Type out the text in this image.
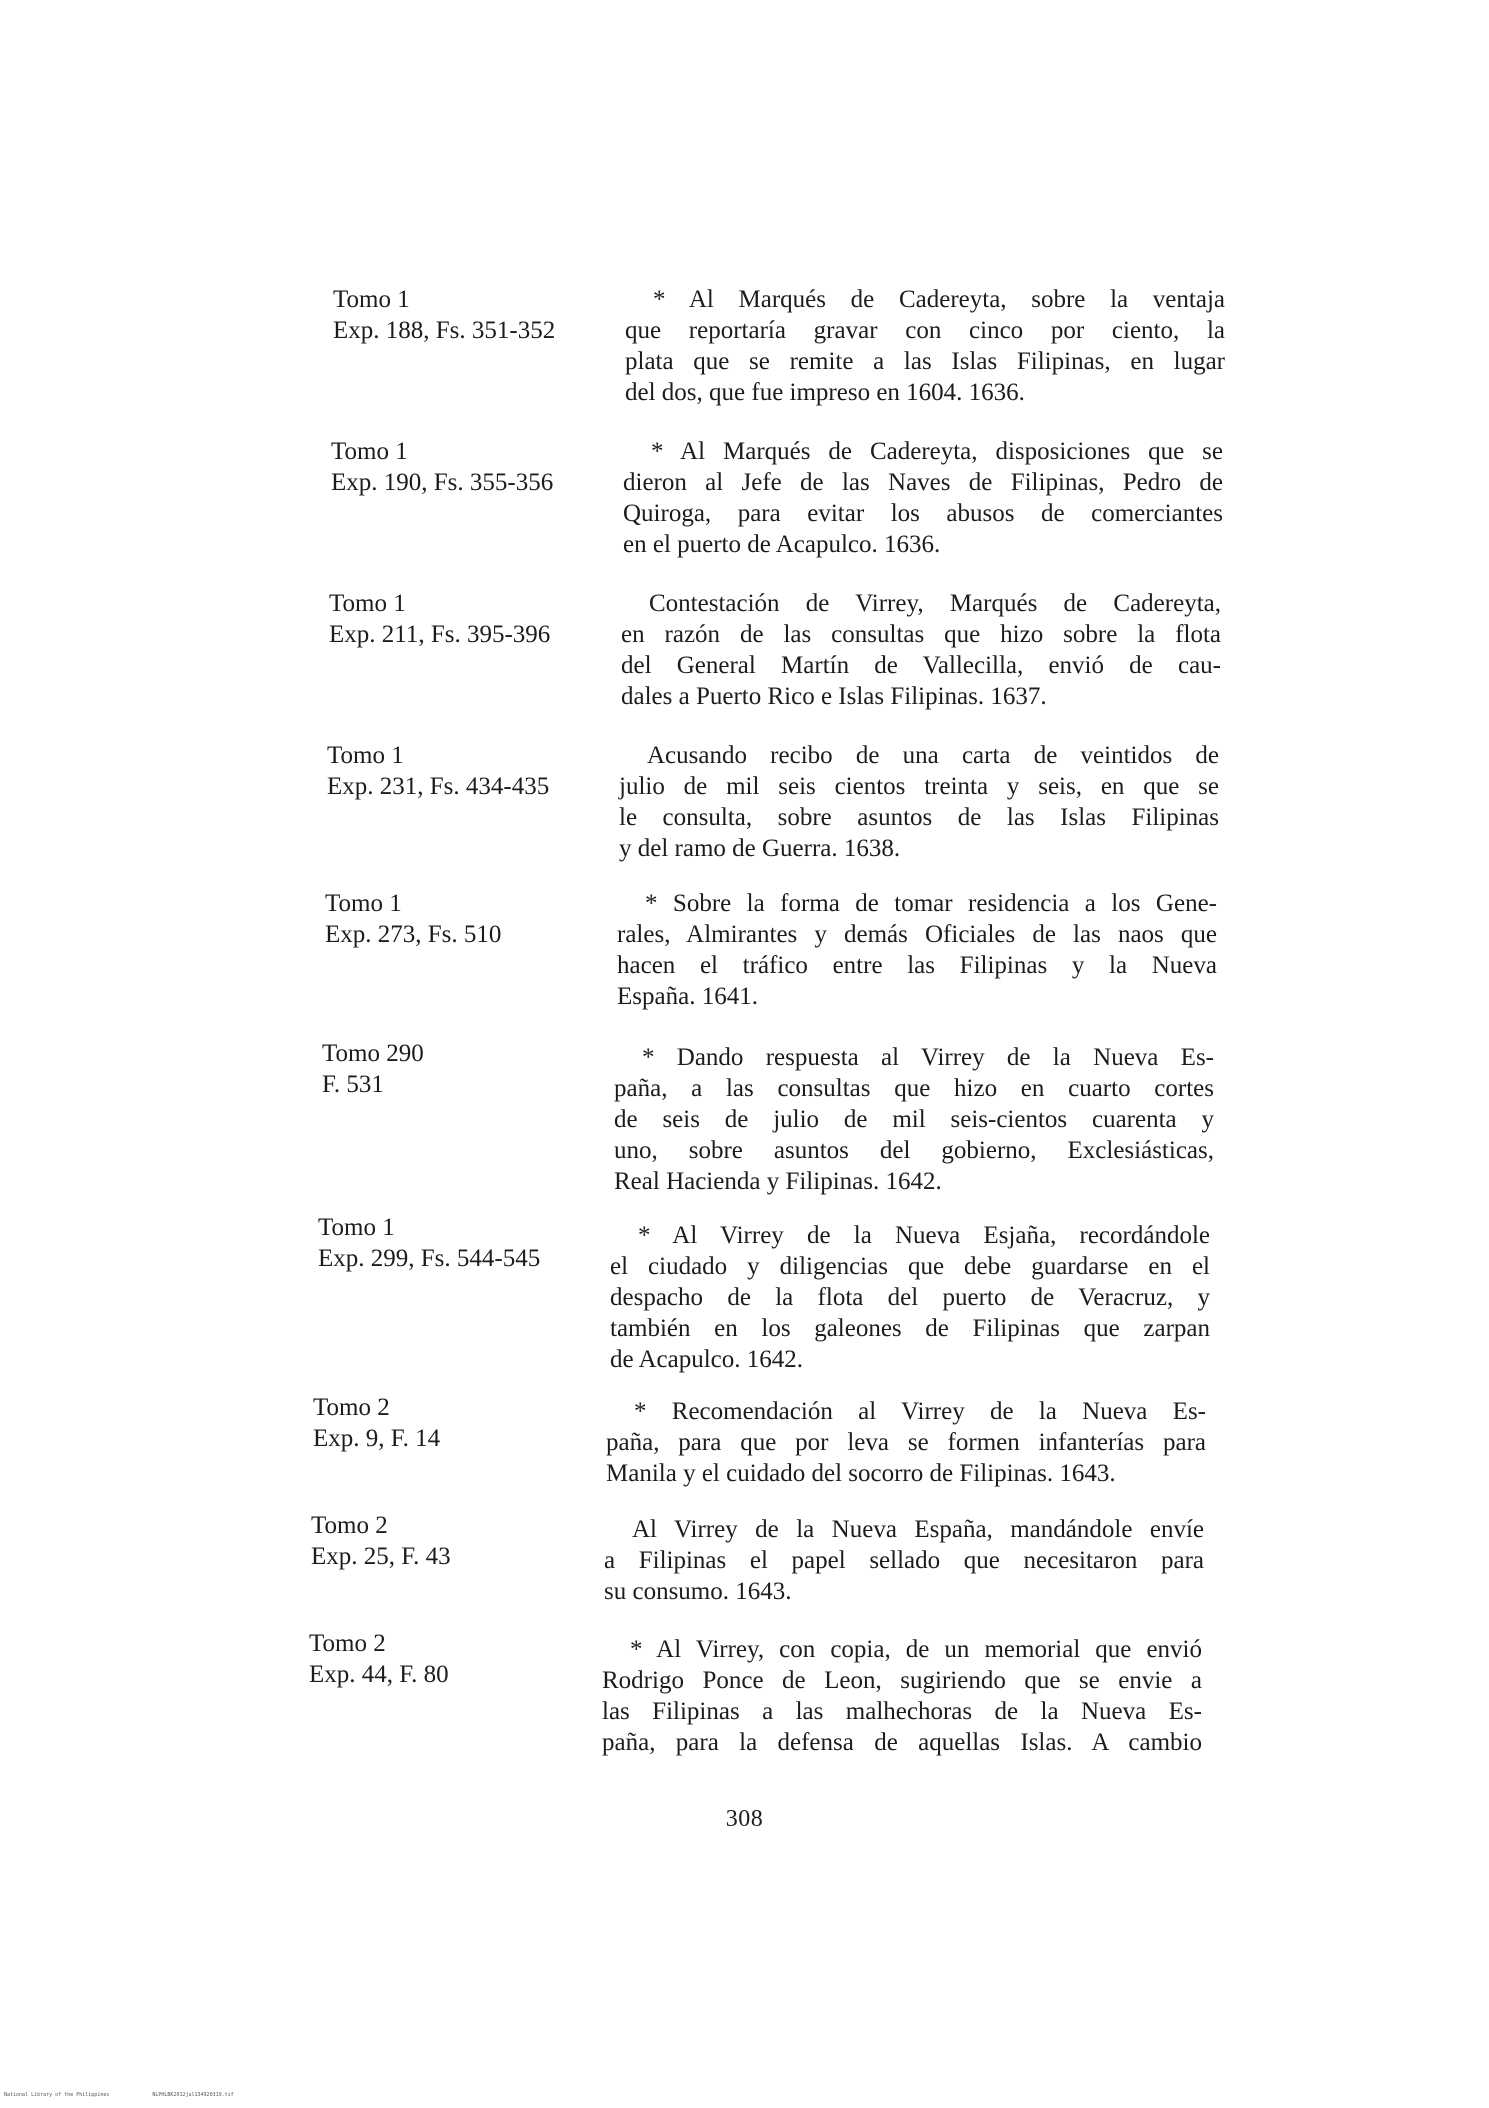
Tomo 1
Exp. 188, Fs. 351-352
* Al Marqués de Cadereyta, sobre la ventaja
que reportaría gravar con cinco por ciento, la
plata que se remite a las Islas Filipinas, en lugar
del dos, que fue impreso en 1604. 1636.
Tomo 1
Exp. 190, Fs. 355-356
* Al Marqués de Cadereyta, disposiciones que se
dieron al Jefe de las Naves de Filipinas, Pedro de
Quiroga, para evitar los abusos de comerciantes
en el puerto de Acapulco. 1636.
Tomo 1
Exp. 211, Fs. 395-396
Contestación de Virrey, Marqués de Cadereyta,
en razón de las consultas que hizo sobre la flota
del General Martín de Vallecilla, envió de cau-
dales a Puerto Rico e Islas Filipinas. 1637.
Tomo 1
Exp. 231, Fs. 434-435
Acusando recibo de una carta de veintidos de
julio de mil seis cientos treinta y seis, en que se
le consulta, sobre asuntos de las Islas Filipinas
y del ramo de Guerra. 1638.
Tomo 1
Exp. 273, Fs. 510
* Sobre la forma de tomar residencia a los Gene-
rales, Almirantes y demás Oficiales de las naos que
hacen el tráfico entre las Filipinas y la Nueva
España. 1641.
Tomo 290
F. 531
* Dando respuesta al Virrey de la Nueva Es-
paña, a las consultas que hizo en cuarto cortes
de seis de julio de mil seis-cientos cuarenta y
uno, sobre asuntos del gobierno, Exclesiásticas,
Real Hacienda y Filipinas. 1642.
Tomo 1
Exp. 299, Fs. 544-545
* Al Virrey de la Nueva Esjaña, recordándole
el ciudado y diligencias que debe guardarse en el
despacho de la flota del puerto de Veracruz, y
también en los galeones de Filipinas que zarpan
de Acapulco. 1642.
Tomo 2
Exp. 9, F. 14
* Recomendación al Virrey de la Nueva Es-
paña, para que por leva se formen infanterías para
Manila y el cuidado del socorro de Filipinas. 1643.
Tomo 2
Exp. 25, F. 43
Al Virrey de la Nueva España, mandándole envíe
a Filipinas el papel sellado que necesitaron para
su consumo. 1643.
Tomo 2
Exp. 44, F. 80
* Al Virrey, con copia, de un memorial que envió
Rodrigo Ponce de Leon, sugiriendo que se envie a
las Filipinas a las malhechoras de la Nueva Es-
paña, para la defensa de aquellas Islas. A cambio
308
National Library of the Philippines	NLPHLBK2012jul134920319.tif
